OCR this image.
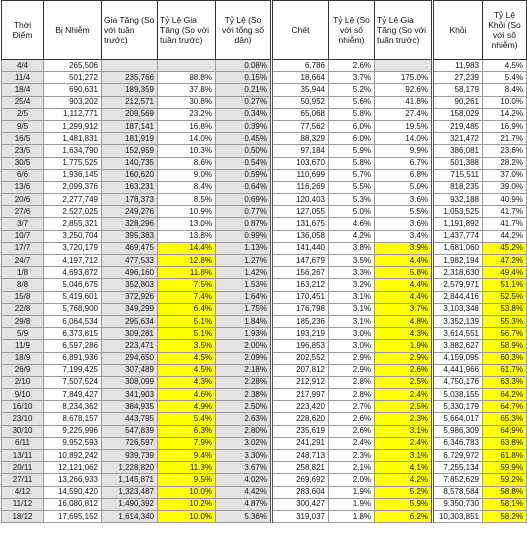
Thời Điểm	Bị Nhiễm	Gia Tăng (So với tuần trước)	Tỷ Lệ Gia Tăng (So với tuần trước)	Tỷ Lệ (So với tổng số dân)	Chết	Tỷ Lệ (So với số nhiễm)	Tỷ Lệ Gia Tăng (So với tuần trước)	Khỏi	Tỷ Lệ Khỏi (So với số nhiễm)
4/4	265,506			0.08%	6,786	2.6%		11,983	4.5%
11/4	501,272	235,766	88.8%	0.15%	18,664	3.7%	175.0%	27,239	5.4%
18/4	690,631	189,359	37.8%	0.21%	35,944	5.2%	92.6%	58,179	8.4%
25/4	903,202	212,571	30.8%	0.27%	50,952	5.6%	41.8%	90,261	10.0%
2/5	1,112,771	209,569	23.2%	0.34%	65,068	5.8%	27.4%	158,029	14.2%
9/5	1,299,912	187,141	16.8%	0.39%	77,562	6.0%	19.5%	219,485	16.9%
16/5	1,481,831	181,919	14.0%	0.45%	88,329	6.0%	14.0%	321,472	21.7%
23/5	1,634,790	152,959	10.3%	0.50%	97,184	5.9%	9.9%	386,081	23.6%
30/5	1,775,525	140,735	8.6%	0.54%	103,670	5.8%	6.7%	501,388	28.2%
6/6	1,936,145	160,620	9.0%	0.59%	110,699	5.7%	6.8%	715,511	37.0%
13/6	2,099,376	163,231	8.4%	0.64%	116,269	5.5%	5.0%	818,235	39.0%
20/6	2,277,749	178,373	8.5%	0.69%	120,403	5.3%	3.6%	932,188	40.9%
27/6	2,527,025	249,276	10.9%	0.77%	127,055	5.0%	5.5%	1,053,525	41.7%
3/7	2,855,321	328,296	13.0%	0.87%	131,675	4.6%	3.6%	1,191,892	41.7%
10/7	3,250,704	395,383	13.8%	0.99%	136,058	4.2%	3.4%	1,437,774	44.2%
17/7	3,720,179	469,475	14.4%	1.13%	141,440	3.8%	3.9%	1,681,060	45.2%
24/7	4,197,712	477,533	12.8%	1.27%	147,679	3.5%	4.4%	1,982,194	47.2%
1/8	4,693,872	496,160	11.8%	1.42%	156,267	3.3%	5.8%	2,318,630	49.4%
8/8	5,046,675	352,803	7.5%	1.53%	163,212	3.2%	4.4%	2,579,971	51.1%
15/8	5,419,601	372,926	7.4%	1.64%	170,451	3.1%	4.4%	2,844,416	52.5%
22/8	5,768,900	349,299	6.4%	1.75%	176,798	3.1%	3.7%	3,103,348	53.8%
29/8	6,064,534	295,634	5.1%	1.84%	185,236	3.1%	4.8%	3,352,139	55.3%
5/9	6,373,815	309,281	5.1%	1.93%	193,219	3.0%	4.3%	3,614,551	56.7%
11/9	6,597,286	223,471	3.5%	2.00%	196,853	3.0%	1.9%	3,882,627	58.9%
18/9	6,891,936	294,650	4.5%	2.09%	202,552	2.9%	2.9%	4,159,095	60.3%
26/9	7,199,425	307,489	4.5%	2.18%	207,812	2.9%	2.6%	4,441,966	61.7%
2/10	7,507,524	308,099	4.3%	2.28%	212,912	2.8%	2.5%	4,750,176	63.3%
9/10	7,849,427	341,903	4.6%	2.38%	217,997	2.8%	2.4%	5,038,155	64.2%
16/10	8,234,362	384,935	4.9%	2.50%	223,420	2.7%	2.5%	5,330,179	64.7%
23/10	8,678,157	443,795	5.4%	2.63%	228,620	2.6%	2.3%	5,664,017	65.3%
30/10	9,225,996	547,839	6.3%	2.80%	235,619	2.6%	3.1%	5,986,309	64.9%
6/11	9,952,593	726,597	7.9%	3.02%	241,291	2.4%	2.4%	6,346,783	63.8%
13/11	10,892,242	939,739	9.4%	3.30%	248,713	2.3%	3.1%	6,729,972	61.8%
20/11	12,121,062	1,228,820	11.3%	3.67%	258,821	2.1%	4.1%	7,255,134	59.9%
27/11	13,266,933	1,145,871	9.5%	4.02%	269,692	2.0%	4.2%	7,852,629	59.2%
4/12	14,590,420	1,323,487	10.0%	4.42%	283,604	1.9%	5.2%	8,578,584	58.8%
11/12	16,080,812	1,490,392	10.2%	4.87%	300,427	1.9%	5.9%	9,350,730	58.1%
18/12	17,695,152	1,614,340	10.0%	5.36%	319,037	1.8%	6.2%	10,303,851	58.2%
